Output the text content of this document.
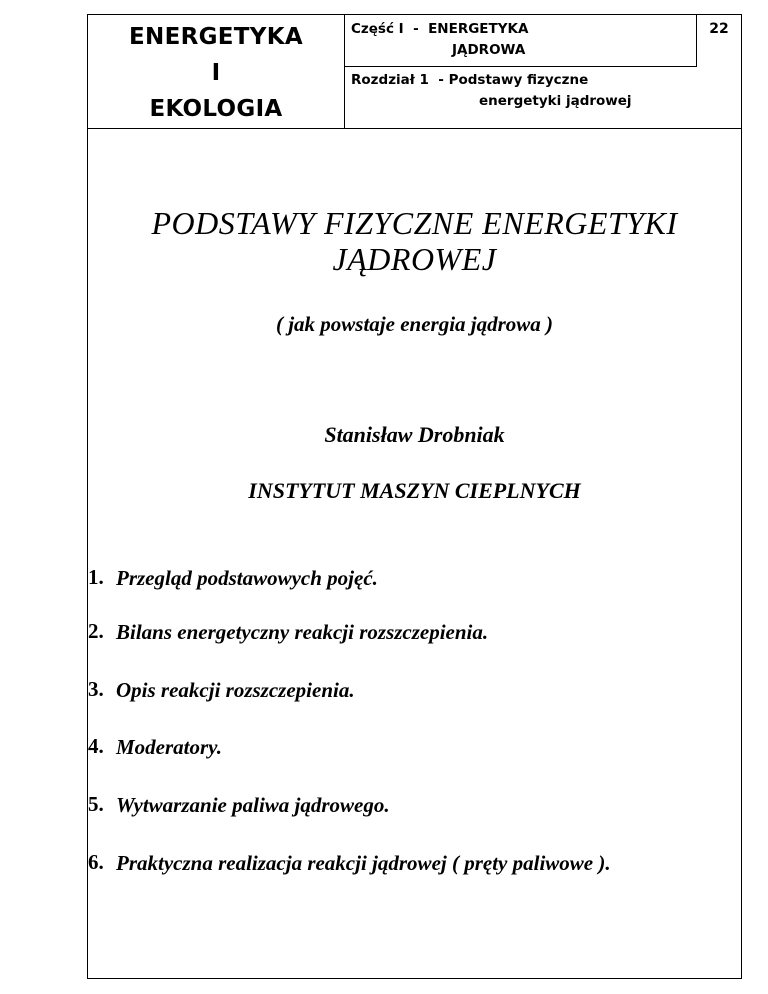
ENERGETYKA
I
EKOLOGIA
Część I  -  ENERGETYKA
JĄDROWA
22
Rozdział 1  - Podstawy fizyczne
energetyki jądrowej
PODSTAWY FIZYCZNE ENERGETYKI
JĄDROWEJ
( jak powstaje energia jądrowa )
Stanisław Drobniak
INSTYTUT MASZYN CIEPLNYCH
1. Przegląd podstawowych pojęć.
2. Bilans energetyczny reakcji rozszczepienia.
3. Opis reakcji rozszczepienia.
4. Moderatory.
5. Wytwarzanie paliwa jądrowego.
6. Praktyczna realizacja reakcji jądrowej ( pręty paliwowe ).
